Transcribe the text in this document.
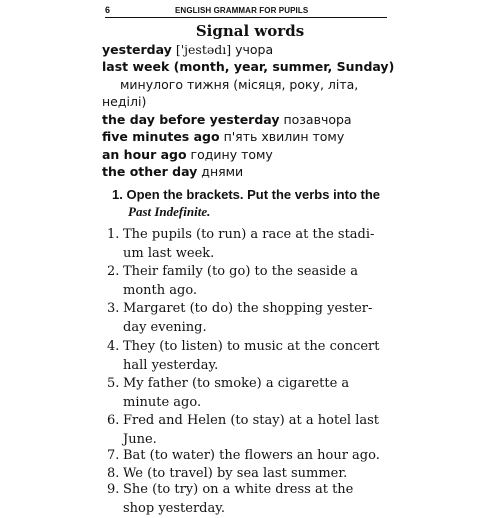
6	ENGLISH GRAMMAR FOR PUPILS
Signal words
yesterday ['jestədı] учора
last week (month, year, summer, Sunday)
минулого тижня (місяця, року, літа,
неділі)
the day before yesterday позавчора
five minutes ago п'ять хвилин тому
an hour ago годину тому
the other day днями
1. Open the brackets. Put the verbs into the
Past Indefinite.
1. The pupils (to run) a race at the stadi-
um last week.
2. Their family (to go) to the seaside a
month ago.
3. Margaret (to do) the shopping yester-
day evening.
4. They (to listen) to music at the concert
hall yesterday.
5. My father (to smoke) a cigarette a
minute ago.
6. Fred and Helen (to stay) at a hotel last
June.
7. Bat (to water) the flowers an hour ago.
8. We (to travel) by sea last summer.
9. She (to try) on a white dress at the
shop yesterday.
